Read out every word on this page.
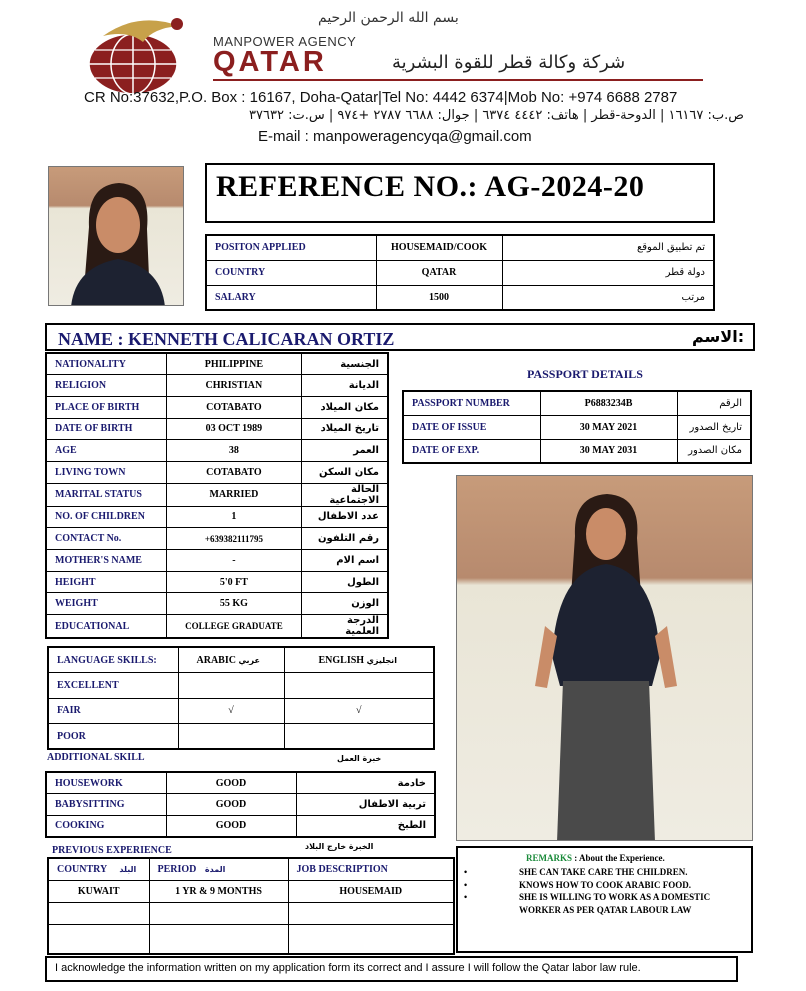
بسم الله الرحمن الرحيم
MANPOWER AGENCY
QATAR	شركة وكالة قطر للقوة البشرية
CR No:37632,P.O. Box : 16167, Doha-Qatar|Tel No: 4442 6374|Mob No: +974 6688 2787
ص.ب: ١٦١٦٧ | الدوحة-قطر | هاتف: ٤٤٤٢ ٦٣٧٤ | جوال: ٦٦٨٨ ٢٧٨٧ +٩٧٤ | س.ت: ٣٧٦٣٢
E-mail : manpoweragencyqa@gmail.com
REFERENCE NO.: AG-2024-20
POSITON APPLIED	HOUSEMAID/COOK	تم تطبيق الموقع
COUNTRY	QATAR	دولة قطر
SALARY	1500	مرتب
NAME : KENNETH CALICARAN ORTIZ	الاسم:
NATIONALITY	PHILIPPINE	الجنسية
RELIGION	CHRISTIAN	الديانة
PLACE OF BIRTH	COTABATO	مكان الميلاد
DATE OF BIRTH	03 OCT 1989	تاريخ الميلاد
AGE	38	العمر
LIVING TOWN	COTABATO	مكان السكن
MARITAL STATUS	MARRIED	الحالة الاجتماعية
NO. OF CHILDREN	1	عدد الاطفال
CONTACT No.	+639382111795	رقم التلفون
MOTHER'S NAME	-	اسم الام
HEIGHT	5'0 FT	الطول
WEIGHT	55 KG	الوزن
EDUCATIONAL	COLLEGE GRADUATE	الدرجة العلمية
PASSPORT DETAILS
PASSPORT NUMBER	P6883234B	الرقم
DATE OF ISSUE	30 MAY 2021	تاريخ الصدور
DATE OF EXP.	30 MAY 2031	مكان الصدور
LANGUAGE SKILLS:	ARABIC عربي	ENGLISH انجليزي
EXCELLENT		
FAIR	√	√
POOR		
ADDITIONAL SKILL	خبرة العمل
HOUSEWORK	GOOD	خادمة
BABYSITTING	GOOD	تربية الاطفال
COOKING	GOOD	الطبخ
PREVIOUS EXPERIENCE	الخبرة خارج البلاد
COUNTRY البلد	PERIOD المدة	JOB DESCRIPTION
KUWAIT	1 YR & 9 MONTHS	HOUSEMAID

REMARKS : About the Experience.
•	SHE CAN TAKE CARE THE CHILDREN.
•	KNOWS HOW TO COOK ARABIC FOOD.
•	SHE IS WILLING TO WORK AS A DOMESTIC WORKER AS PER QATAR LABOUR LAW
I acknowledge the information written on my application form its correct and I assure I will follow the Qatar labor law rule.
